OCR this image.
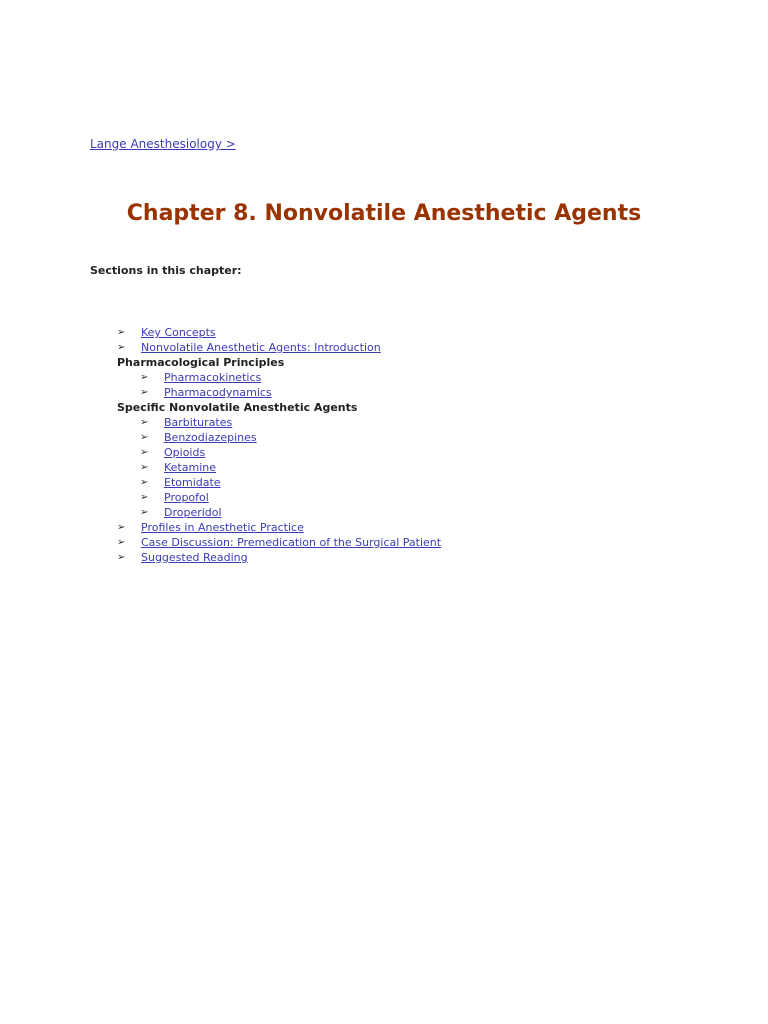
Lange Anesthesiology >
Chapter 8. Nonvolatile Anesthetic Agents
Sections in this chapter:
➢ Key Concepts
➢ Nonvolatile Anesthetic Agents: Introduction
Pharmacological Principles
➢ Pharmacokinetics
➢ Pharmacodynamics
Specific Nonvolatile Anesthetic Agents
➢ Barbiturates
➢ Benzodiazepines
➢ Opioids
➢ Ketamine
➢ Etomidate
➢ Propofol
➢ Droperidol
➢ Profiles in Anesthetic Practice
➢ Case Discussion: Premedication of the Surgical Patient
➢ Suggested Reading
